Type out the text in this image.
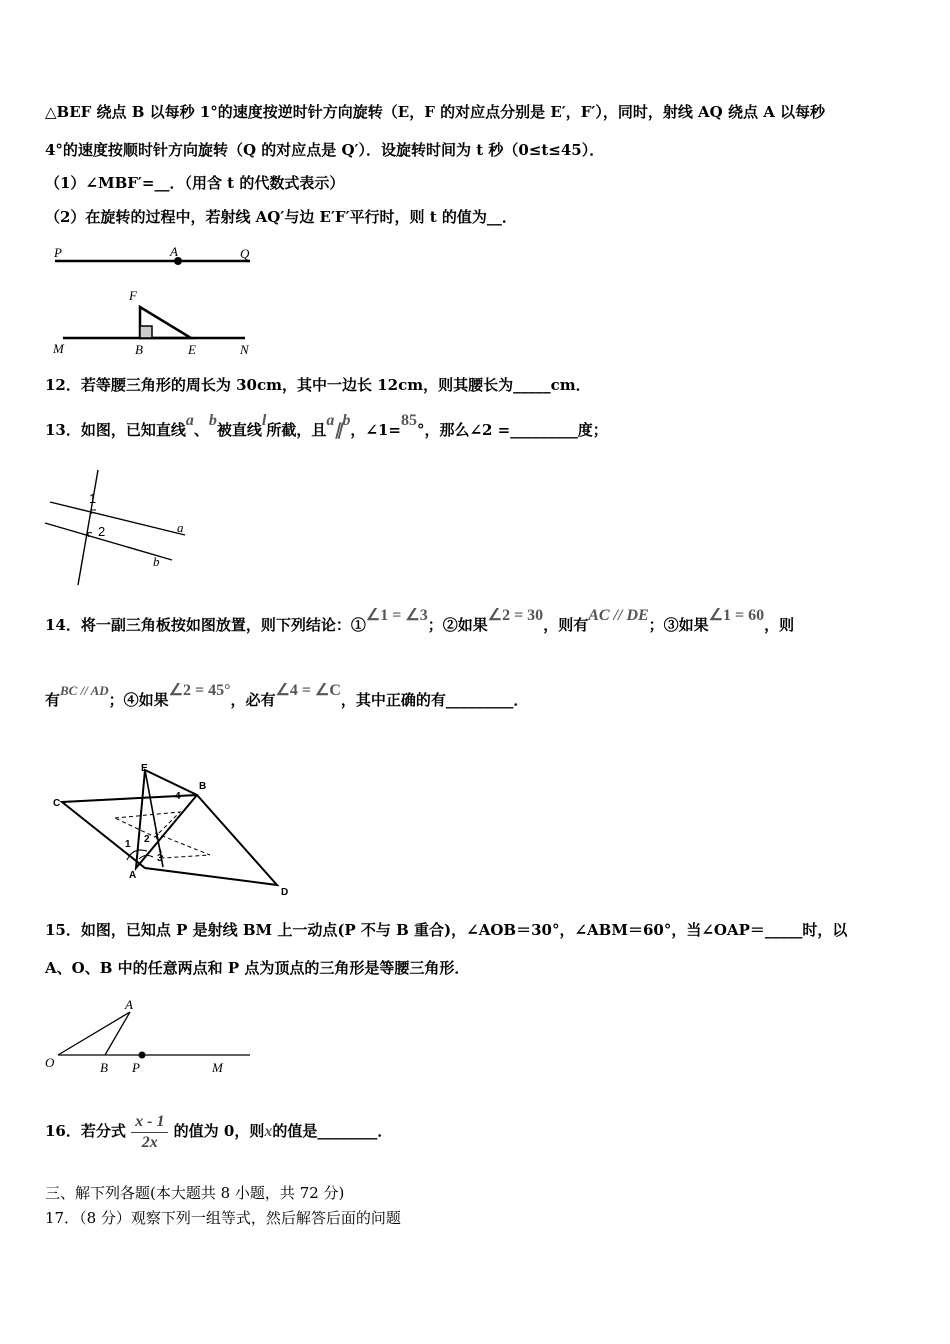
△BEF 绕点 B 以每秒 1°的速度按逆时针方向旋转（E，F 的对应点分别是 E′，F′），同时，射线 AQ 绕点 A 以每秒
4°的速度按顺时针方向旋转（Q 的对应点是 Q′）．设旋转时间为 t 秒（0≤t≤45）．
（1）∠MBF′=__．（用含 t 的代数式表示）
（2）在旋转的过程中，若射线 AQ′与边 E′F′平行时，则 t 的值为__．
P	A	Q
F
M	B	E	N
12．若等腰三角形的周长为 30cm，其中一边长 12cm，则其腰长为_____cm．
13．如图，已知直线a、b被直线l所截，且a∥b，∠1=85°，那么∠2 =_________度；
1
2	a
b
14．将一副三角板按如图放置，则下列结论：①∠1 = ∠3；②如果∠2 = 30，则有AC // DE；③如果∠1 = 60，则
有BC // AD；④如果∠2 = 45°，必有∠4 = ∠C，其中正确的有_________．
E
B
C
A
D
1 2
3
4
15．如图，已知点 P 是射线 BM 上一动点(P 不与 B 重合)，∠AOB＝30°，∠ABM＝60°，当∠OAP＝_____时，以
A、O、B 中的任意两点和 P 点为顶点的三角形是等腰三角形．
A
O	B P	M
16．若分式 $\frac{x - 1}{2x}$ 的值为 0，则x的值是________．
三、解下列各题(本大题共 8 小题，共 72 分)
17．（8 分）观察下列一组等式，然后解答后面的问题
